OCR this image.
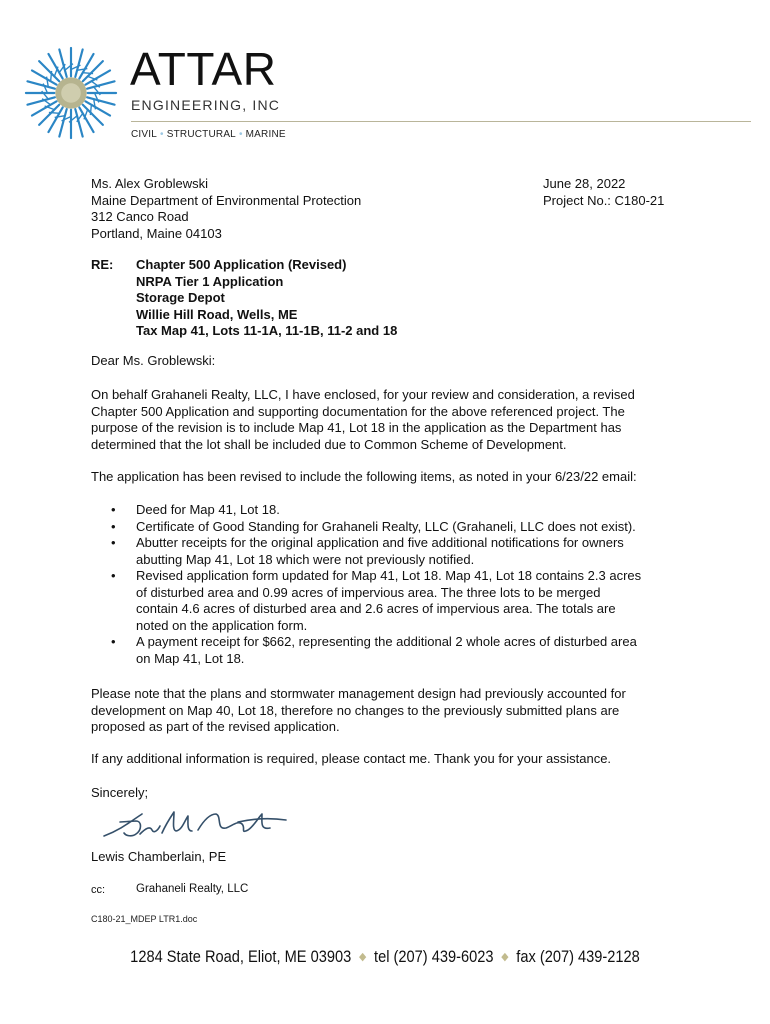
ATTAR
ENGINEERING, INC
CIVIL • STRUCTURAL • MARINE
Ms. Alex Groblewski
Maine Department of Environmental Protection
312 Canco Road
Portland, Maine 04103
June 28, 2022
Project No.: C180-21
RE: Chapter 500 Application (Revised)
NRPA Tier 1 Application
Storage Depot
Willie Hill Road, Wells, ME
Tax Map 41, Lots 11-1A, 11-1B, 11-2 and 18
Dear Ms. Groblewski:
On behalf Grahaneli Realty, LLC, I have enclosed, for your review and consideration, a revised
Chapter 500 Application and supporting documentation for the above referenced project. The
purpose of the revision is to include Map 41, Lot 18 in the application as the Department has
determined that the lot shall be included due to Common Scheme of Development.
The application has been revised to include the following items, as noted in your 6/23/22 email:
• Deed for Map 41, Lot 18.
• Certificate of Good Standing for Grahaneli Realty, LLC (Grahaneli, LLC does not exist).
• Abutter receipts for the original application and five additional notifications for owners
abutting Map 41, Lot 18 which were not previously notified.
• Revised application form updated for Map 41, Lot 18. Map 41, Lot 18 contains 2.3 acres
of disturbed area and 0.99 acres of impervious area. The three lots to be merged
contain 4.6 acres of disturbed area and 2.6 acres of impervious area. The totals are
noted on the application form.
• A payment receipt for $662, representing the additional 2 whole acres of disturbed area
on Map 41, Lot 18.
Please note that the plans and stormwater management design had previously accounted for
development on Map 40, Lot 18, therefore no changes to the previously submitted plans are
proposed as part of the revised application.
If any additional information is required, please contact me. Thank you for your assistance.
Sincerely;
Lewis Chamberlain, PE
cc:	Grahaneli Realty, LLC
C180-21_MDEP LTR1.doc
1284 State Road, Eliot, ME 03903 ◆ tel (207) 439-6023 ◆ fax (207) 439-2128
